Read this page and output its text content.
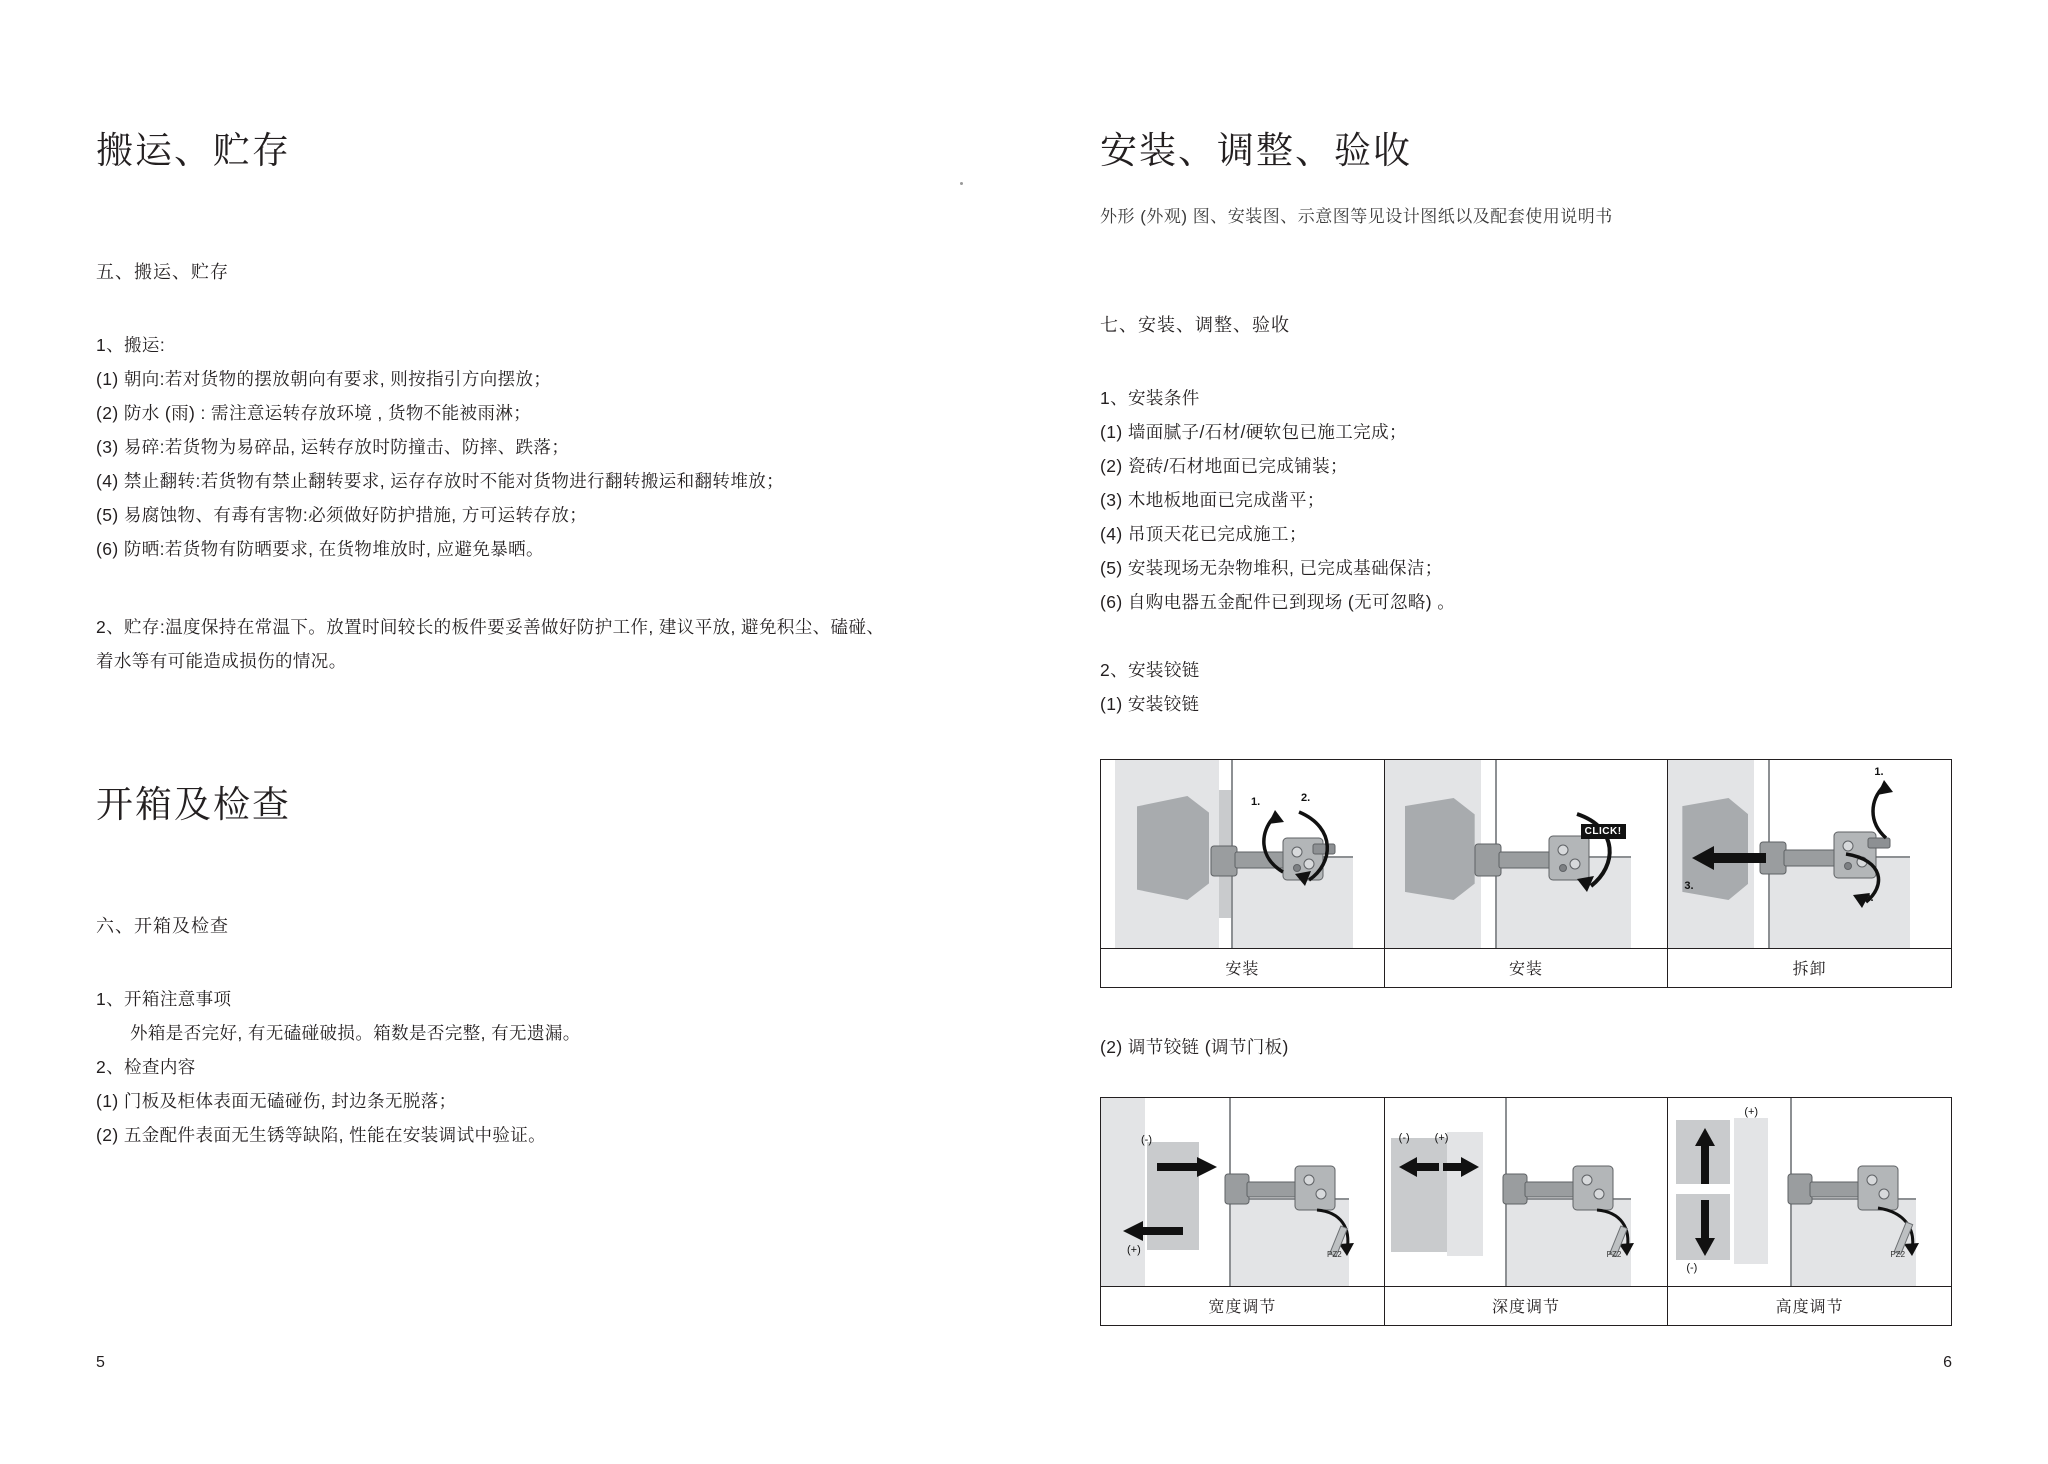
搬运、贮存
五、搬运、贮存
1、搬运:
(1) 朝向:若对货物的摆放朝向有要求, 则按指引方向摆放；
(2) 防水 (雨) : 需注意运转存放环境 , 货物不能被雨淋；
(3) 易碎:若货物为易碎品, 运转存放时防撞击、防摔、跌落；
(4) 禁止翻转:若货物有禁止翻转要求, 运存存放时不能对货物进行翻转搬运和翻转堆放；
(5) 易腐蚀物、有毒有害物:必须做好防护措施, 方可运转存放；
(6) 防晒:若货物有防晒要求, 在货物堆放时, 应避免暴晒。
2、贮存:温度保持在常温下。放置时间较长的板件要妥善做好防护工作, 建议平放, 避免积尘、磕碰、着水等有可能造成损伤的情况。
开箱及检查
六、开箱及检查
1、开箱注意事项
外箱是否完好, 有无磕碰破损。箱数是否完整, 有无遗漏。
2、检查内容
(1) 门板及柜体表面无磕碰伤, 封边条无脱落；
(2) 五金配件表面无生锈等缺陷, 性能在安装调试中验证。
5
安装、调整、验收
外形 (外观) 图、安装图、示意图等见设计图纸以及配套使用说明书
七、安装、调整、验收
1、安装条件
(1) 墙面腻子/石材/硬软包已施工完成；
(2) 瓷砖/石材地面已完成铺装；
(3) 木地板地面已完成凿平；
(4) 吊顶天花已完成施工；
(5) 安装现场无杂物堆积, 已完成基础保洁；
(6) 自购电器五金配件已到现场 (无可忽略) 。
2、安装铰链
(1) 安装铰链
1.	2.
安装
CLICK!
安装
3.
1.
2.
拆卸
(2) 调节铰链 (调节门板)
(-)
(+)	PZ2
宽度调节
(-) (+)
PZ2
深度调节
(+)
(-)
PZ2
高度调节
6
